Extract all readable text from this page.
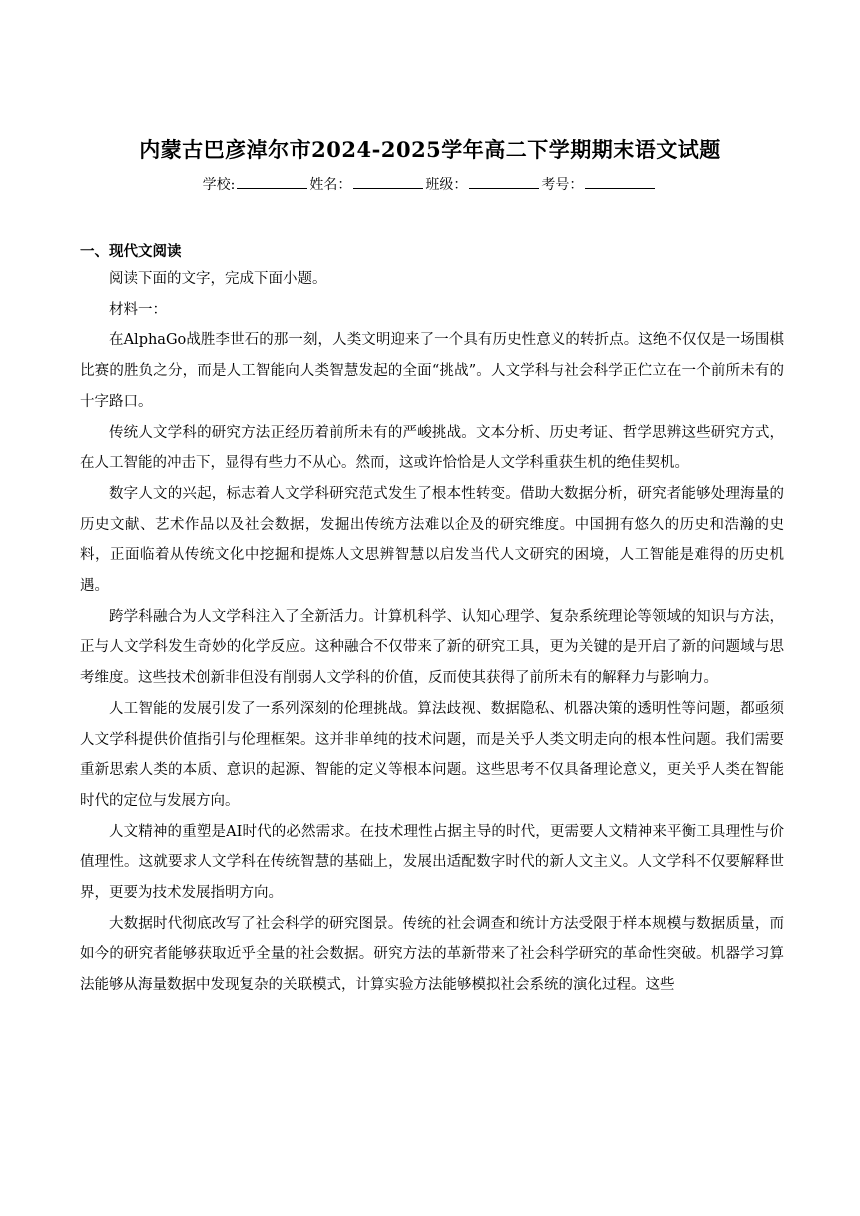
内蒙古巴彦淖尔市2024-2025学年高二下学期期末语文试题
学校:	姓名：	班级：	考号：
一、现代文阅读

阅读下面的文字，完成下面小题。

材料一：

在AlphaGo战胜李世石的那一刻，人类文明迎来了一个具有历史性意义的转折点。这绝不仅仅是一场围棋比赛的胜负之分，而是人工智能向人类智慧发起的全面“挑战”。人文学科与社会科学正伫立在一个前所未有的十字路口。

传统人文学科的研究方法正经历着前所未有的严峻挑战。文本分析、历史考证、哲学思辨这些研究方式，在人工智能的冲击下，显得有些力不从心。然而，这或许恰恰是人文学科重获生机的绝佳契机。

数字人文的兴起，标志着人文学科研究范式发生了根本性转变。借助大数据分析，研究者能够处理海量的历史文献、艺术作品以及社会数据，发掘出传统方法难以企及的研究维度。中国拥有悠久的历史和浩瀚的史料，正面临着从传统文化中挖掘和提炼人文思辨智慧以启发当代人文研究的困境，人工智能是难得的历史机遇。

跨学科融合为人文学科注入了全新活力。计算机科学、认知心理学、复杂系统理论等领域的知识与方法，正与人文学科发生奇妙的化学反应。这种融合不仅带来了新的研究工具，更为关键的是开启了新的问题域与思考维度。这些技术创新非但没有削弱人文学科的价值，反而使其获得了前所未有的解释力与影响力。

人工智能的发展引发了一系列深刻的伦理挑战。算法歧视、数据隐私、机器决策的透明性等问题，都亟须人文学科提供价值指引与伦理框架。这并非单纯的技术问题，而是关乎人类文明走向的根本性问题。我们需要重新思索人类的本质、意识的起源、智能的定义等根本问题。这些思考不仅具备理论意义，更关乎人类在智能时代的定位与发展方向。

人文精神的重塑是AI时代的必然需求。在技术理性占据主导的时代，更需要人文精神来平衡工具理性与价值理性。这就要求人文学科在传统智慧的基础上，发展出适配数字时代的新人文主义。人文学科不仅要解释世界，更要为技术发展指明方向。

大数据时代彻底改写了社会科学的研究图景。传统的社会调查和统计方法受限于样本规模与数据质量，而如今的研究者能够获取近乎全量的社会数据。研究方法的革新带来了社会科学研究的革命性突破。机器学习算法能够从海量数据中发现复杂的关联模式，计算实验方法能够模拟社会系统的演化过程。这些
